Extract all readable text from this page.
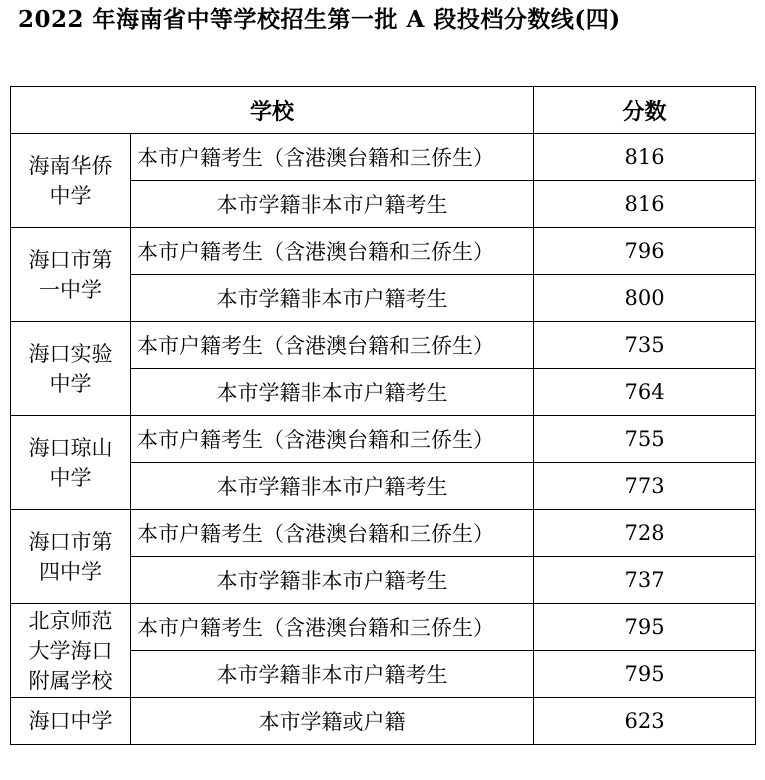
2022 年海南省中等学校招生第一批 A 段投档分数线(四)
学校		分数

海南华侨
中学	本市户籍考生（含港澳台籍和三侨生）	816
	本市学籍非本市户籍考生	816

海口市第
一中学	本市户籍考生（含港澳台籍和三侨生）	796
	本市学籍非本市户籍考生	800

海口实验
中学	本市户籍考生（含港澳台籍和三侨生）	735
	本市学籍非本市户籍考生	764

海口琼山
中学	本市户籍考生（含港澳台籍和三侨生）	755
	本市学籍非本市户籍考生	773

海口市第
四中学	本市户籍考生（含港澳台籍和三侨生）	728
	本市学籍非本市户籍考生	737

北京师范
大学海口
附属学校	本市户籍考生（含港澳台籍和三侨生）	795
	本市学籍非本市户籍考生	795

海口中学	本市学籍或户籍	623
